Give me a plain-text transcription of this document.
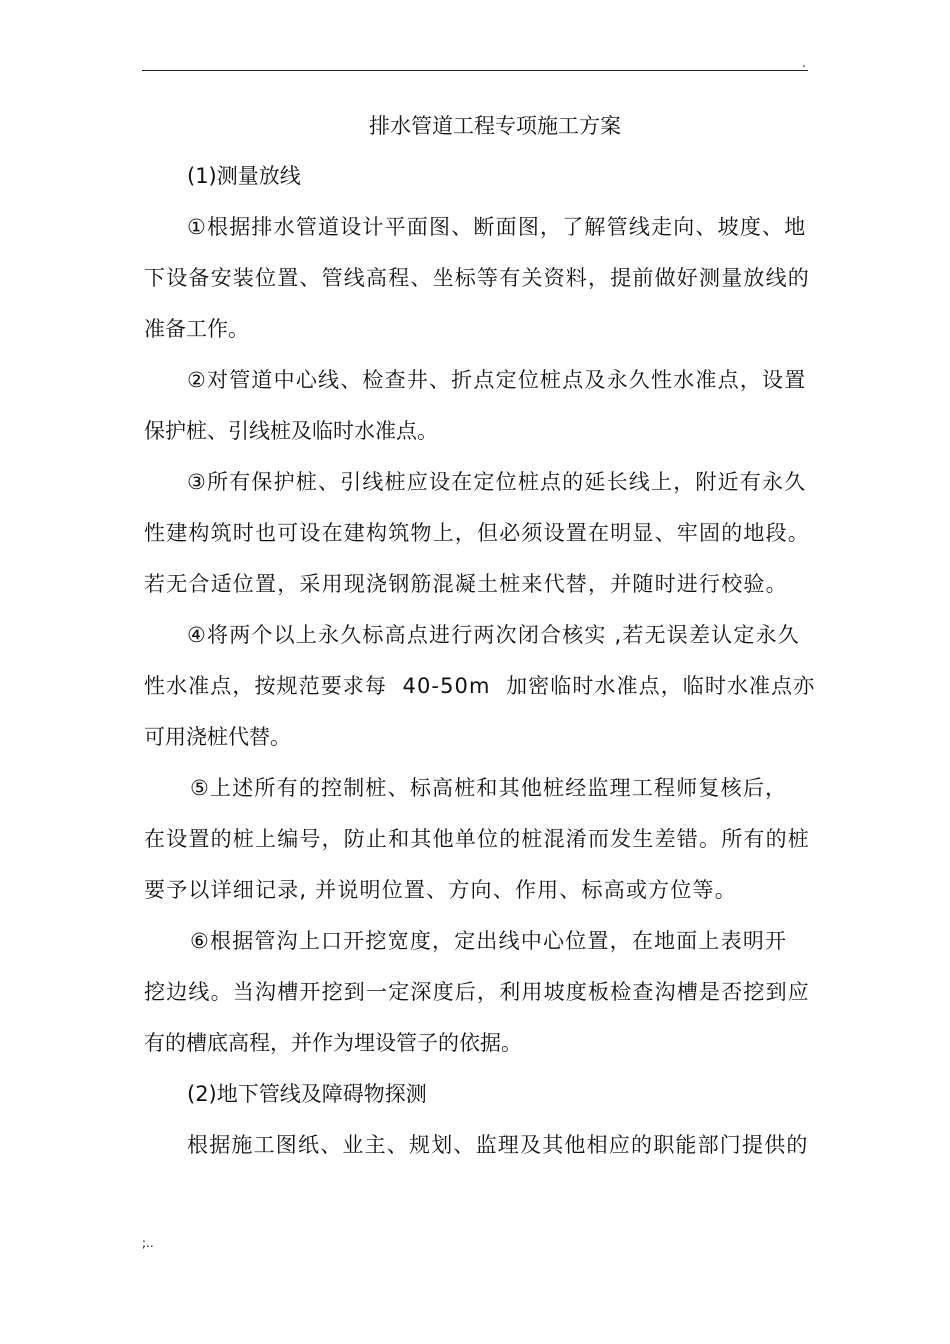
.
排水管道工程专项施工方案
(1)测量放线
①根据排水管道设计平面图、断面图，了解管线走向、坡度、地
下设备安装位置、管线高程、坐标等有关资料，提前做好测量放线的
准备工作。
②对管道中心线、检查井、折点定位桩点及永久性水准点，设置
保护桩、引线桩及临时水准点。
③所有保护桩、引线桩应设在定位桩点的延长线上，附近有永久
性建构筑时也可设在建构筑物上，但必须设置在明显、牢固的地段。
若无合适位置，采用现浇钢筋混凝土桩来代替，并随时进行校验。
④将两个以上永久标高点进行两次闭合核实 ,若无误差认定永久
性水准点，按规范要求每  40-50m  加密临时水准点，临时水准点亦
可用浇桩代替。
⑤上述所有的控制桩、标高桩和其他桩经监理工程师复核后，
在设置的桩上编号，防止和其他单位的桩混淆而发生差错。所有的桩
要予以详细记录, 并说明位置、方向、作用、标高或方位等。
⑥根据管沟上口开挖宽度，定出线中心位置，在地面上表明开
挖边线。当沟槽开挖到一定深度后，利用坡度板检查沟槽是否挖到应
有的槽底高程，并作为埋设管子的依据。
(2)地下管线及障碍物探测
根据施工图纸、业主、规划、监理及其他相应的职能部门提供的
;..
